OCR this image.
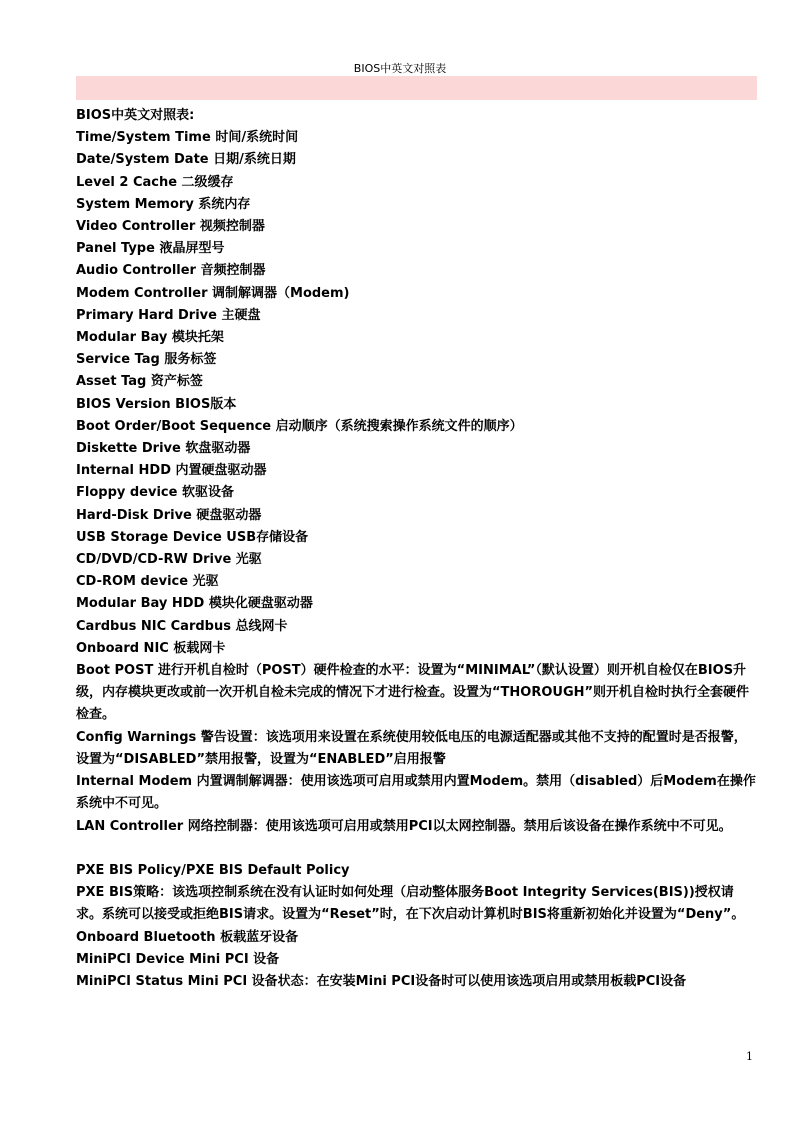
BIOS中英文对照表
BIOS中英文对照表:
Time/System Time 时间/系统时间
Date/System Date 日期/系统日期
Level 2 Cache 二级缓存
System Memory 系统内存
Video Controller 视频控制器
Panel Type 液晶屏型号
Audio Controller 音频控制器
Modem Controller 调制解调器（Modem)
Primary Hard Drive 主硬盘
Modular Bay 模块托架
Service Tag 服务标签
Asset Tag 资产标签
BIOS Version BIOS版本
Boot Order/Boot Sequence 启动顺序（系统搜索操作系统文件的顺序）
Diskette Drive 软盘驱动器
Internal HDD 内置硬盘驱动器
Floppy device 软驱设备
Hard-Disk Drive 硬盘驱动器
USB Storage Device USB存储设备
CD/DVD/CD-RW Drive 光驱
CD-ROM device 光驱
Modular Bay HDD 模块化硬盘驱动器
Cardbus NIC Cardbus 总线网卡
Onboard NIC 板载网卡
Boot POST 进行开机自检时（POST）硬件检查的水平：设置为“MINIMAL”（默认设置）则开机自检仅在BIOS升级，内存模块更改或前一次开机自检未完成的情况下才进行检查。设置为“THOROUGH”则开机自检时执行全套硬件检查。
Config Warnings 警告设置：该选项用来设置在系统使用较低电压的电源适配器或其他不支持的配置时是否报警，设置为“DISABLED”禁用报警，设置为“ENABLED”启用报警
Internal Modem 内置调制解调器：使用该选项可启用或禁用内置Modem。禁用（disabled）后Modem在操作系统中不可见。
LAN Controller 网络控制器：使用该选项可启用或禁用PCI以太网控制器。禁用后该设备在操作系统中不可见。
PXE BIS Policy/PXE BIS Default Policy
PXE BIS策略：该选项控制系统在没有认证时如何处理（启动整体服务Boot Integrity Services(BIS))授权请求。系统可以接受或拒绝BIS请求。设置为“Reset”时，在下次启动计算机时BIS将重新初始化并设置为“Deny”。
Onboard Bluetooth 板载蓝牙设备
MiniPCI Device Mini PCI 设备
MiniPCI Status Mini PCI 设备状态：在安装Mini PCI设备时可以使用该选项启用或禁用板载PCI设备
1
